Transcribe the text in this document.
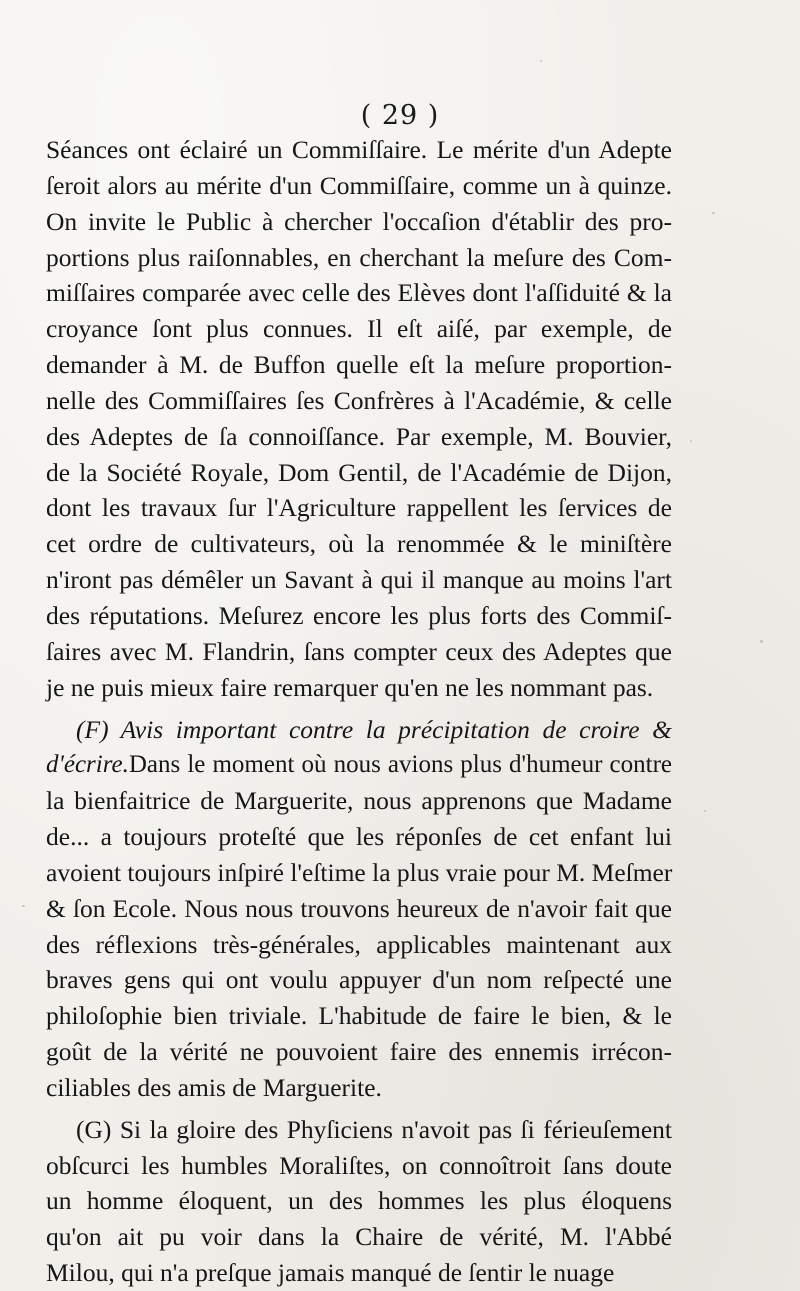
( 29 )
Séances ont éclairé un Commiſſaire. Le mérite d'un Adepte
ſeroit alors au mérite d'un Commiſſaire, comme un à quinze.
On invite le Public à chercher l'occaſion d'établir des pro-
portions plus raiſonnables, en cherchant la meſure des Com-
miſſaires comparée avec celle des Elèves dont l'aſſiduité & la
croyance ſont plus connues. Il eſt aiſé, par exemple, de
demander à M. de Buffon quelle eſt la meſure proportion-
nelle des Commiſſaires ſes Confrères à l'Académie, & celle
des Adeptes de ſa connoiſſance. Par exemple, M. Bouvier,
de la Société Royale, Dom Gentil, de l'Académie de Dijon,
dont les travaux ſur l'Agriculture rappellent les ſervices de
cet ordre de cultivateurs, où la renommée & le miniſtère
n'iront pas démêler un Savant à qui il manque au moins l'art
des réputations. Meſurez encore les plus forts des Commiſ-
ſaires avec M. Flandrin, ſans compter ceux des Adeptes que
je ne puis mieux faire remarquer qu'en ne les nommant pas.
(F) Avis important contre la précipitation de croire &
d'écrire.Dans le moment où nous avions plus d'humeur contre
la bienfaitrice de Marguerite, nous apprenons que Madame
de... a toujours proteſté que les réponſes de cet enfant lui
avoient toujours inſpiré l'eſtime la plus vraie pour M. Meſmer
& ſon Ecole. Nous nous trouvons heureux de n'avoir fait que
des réflexions très-générales, applicables maintenant aux
braves gens qui ont voulu appuyer d'un nom reſpecté une
philoſophie bien triviale. L'habitude de faire le bien, & le
goût de la vérité ne pouvoient faire des ennemis irrécon-
ciliables des amis de Marguerite.
(G) Si la gloire des Phyſiciens n'avoit pas ſi férieuſement
obſcurci les humbles Moraliſtes, on connoîtroit ſans doute
un homme éloquent, un des hommes les plus éloquens
qu'on ait pu voir dans la Chaire de vérité, M. l'Abbé
Milou, qui n'a preſque jamais manqué de ſentir le nuage
